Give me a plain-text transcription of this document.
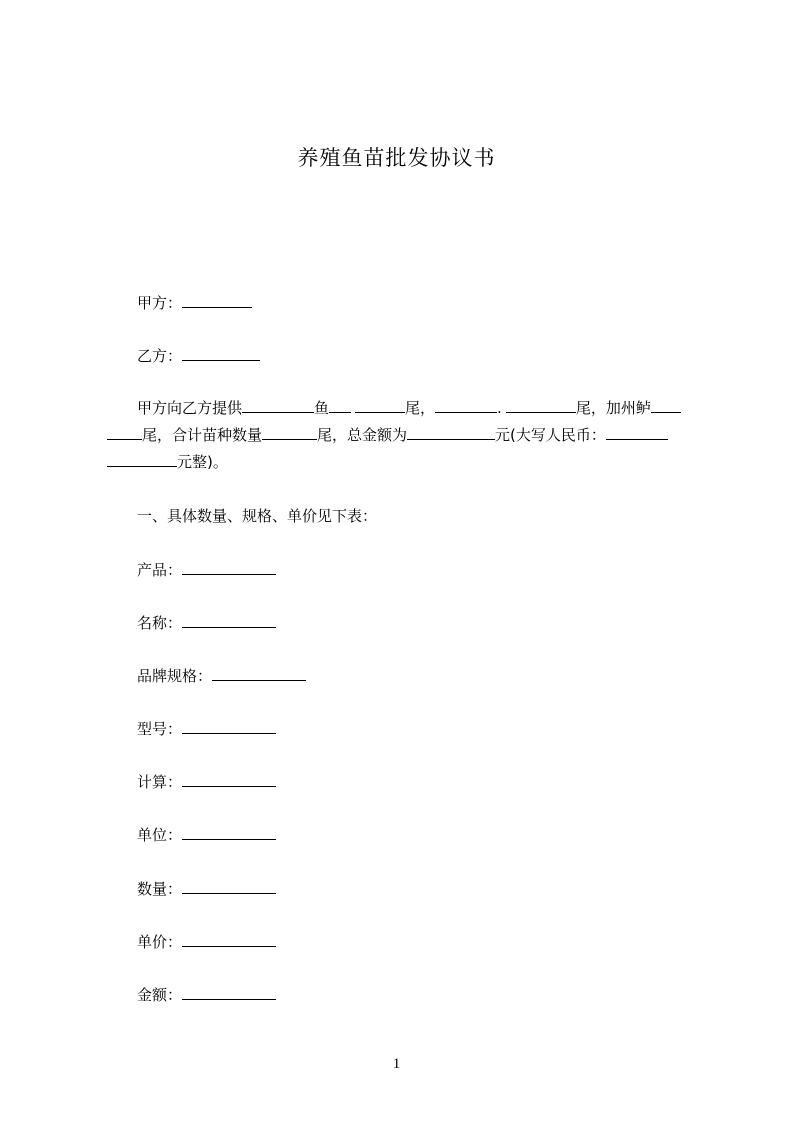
养殖鱼苗批发协议书
甲方：
乙方：
甲方向乙方提供	鱼	尾，	.	尾，加州鲈
尾，合计苗种数量	尾，总金额为	元(大写人民币：
元整)。
一、具体数量、规格、单价见下表：
产品：
名称：
品牌规格：
型号：
计算：
单位：
数量：
单价：
金额：
1
